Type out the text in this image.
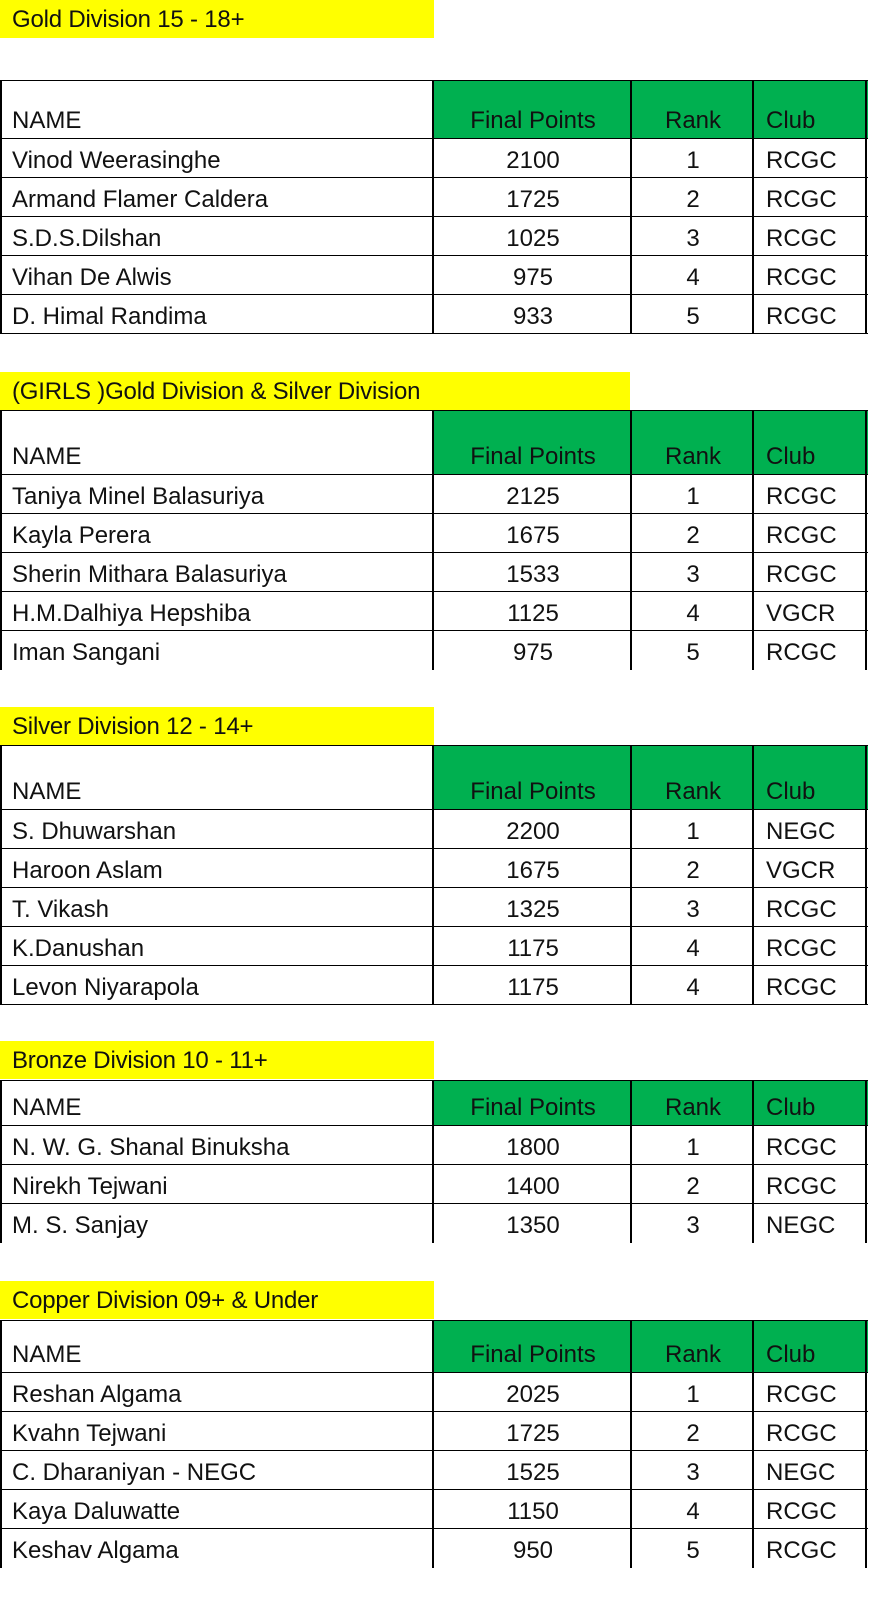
Gold Division 15 - 18+
NAME	Final Points	Rank	Club
Vinod Weerasinghe	2100	1	RCGC
Armand Flamer Caldera	1725	2	RCGC
S.D.S.Dilshan	1025	3	RCGC
Vihan De Alwis	975	4	RCGC
D. Himal Randima	933	5	RCGC
(GIRLS )Gold Division & Silver Division
NAME	Final Points	Rank	Club
Taniya Minel Balasuriya	2125	1	RCGC
Kayla Perera	1675	2	RCGC
Sherin Mithara Balasuriya	1533	3	RCGC
H.M.Dalhiya Hepshiba	1125	4	VGCR
Iman Sangani	975	5	RCGC
Silver Division 12 - 14+
NAME	Final Points	Rank	Club
S. Dhuwarshan	2200	1	NEGC
Haroon Aslam	1675	2	VGCR
T. Vikash	1325	3	RCGC
K.Danushan	1175	4	RCGC
Levon Niyarapola	1175	4	RCGC
Bronze Division 10 - 11+
NAME	Final Points	Rank	Club
N. W. G. Shanal Binuksha	1800	1	RCGC
Nirekh Tejwani	1400	2	RCGC
M. S. Sanjay	1350	3	NEGC
Copper Division 09+ & Under
NAME	Final Points	Rank	Club
Reshan Algama	2025	1	RCGC
Kvahn Tejwani	1725	2	RCGC
C. Dharaniyan - NEGC	1525	3	NEGC
Kaya Daluwatte	1150	4	RCGC
Keshav Algama	950	5	RCGC
